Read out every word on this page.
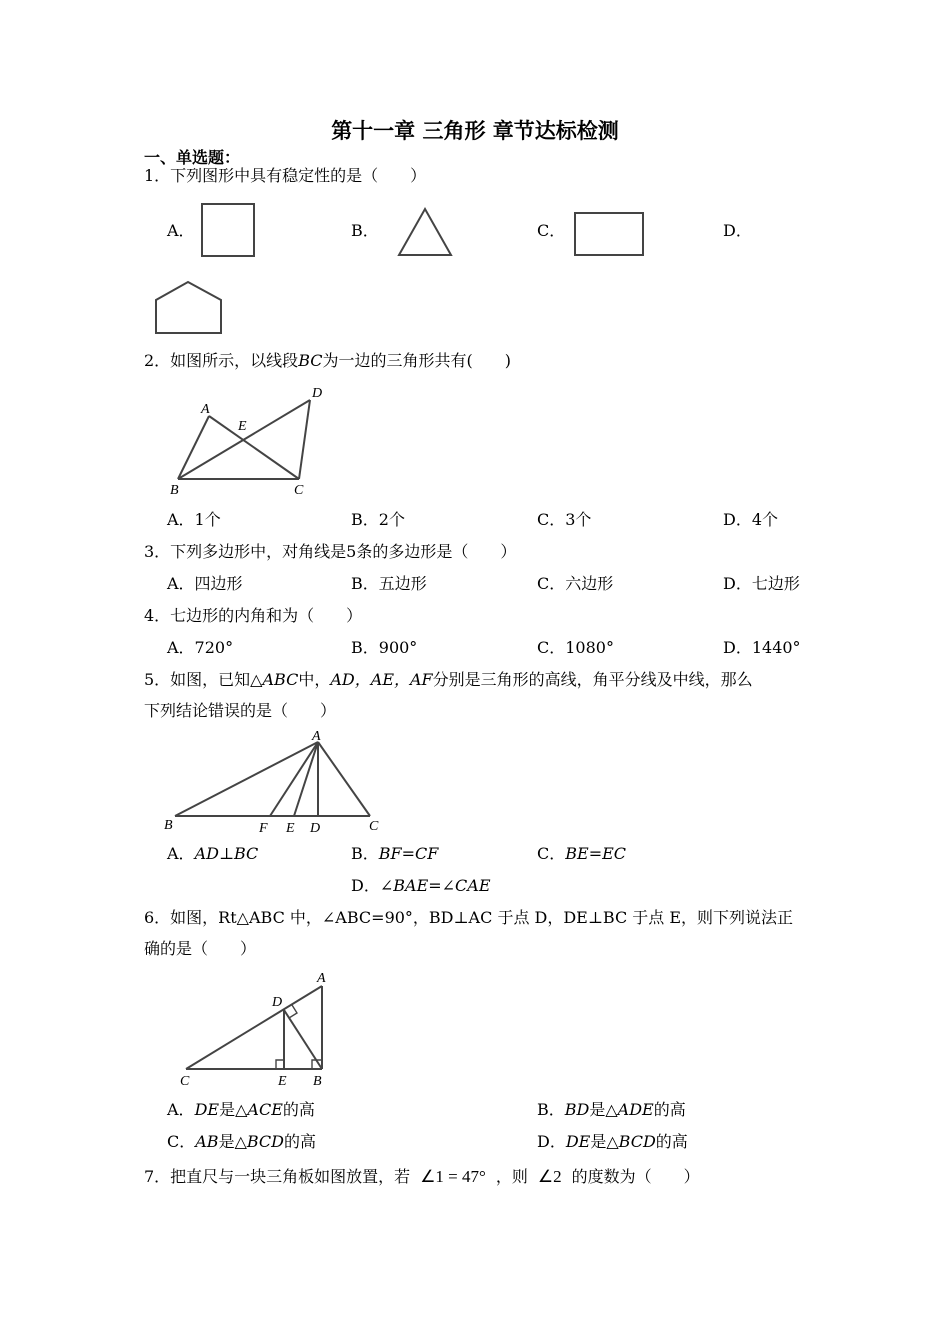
第十一章 三角形 章节达标检测
一、单选题：
1．下列图形中具有稳定性的是（　　）
A．	B．	C．	D．
2．如图所示，以线段BC为一边的三角形共有(　　)
A
B	C
D
E
A．1个	B．2个	C．3个	D．4个
3．下列多边形中，对角线是5条的多边形是（　　）
A．四边形	B．五边形	C．六边形	D．七边形
4．七边形的内角和为（　　）
A．720°	B．900°	C．1080°	D．1440°
5．如图，已知△ABC中，AD，AE，AF分别是三角形的高线，角平分线及中线，那么
下列结论错误的是（　　）
A
B	F E D	C
A．AD⊥BC	B．BF=CF	C．BE=EC
D．∠BAE=∠CAE
6．如图，Rt△ABC 中，∠ABC=90°，BD⊥AC 于点 D，DE⊥BC 于点 E，则下列说法正
确的是（　　）
A
D
C	E B
A．DE是△ACE的高	B．BD是△ADE的高
C．AB是△BCD的高	D．DE是△BCD的高
7．把直尺与一块三角板如图放置，若 ∠1 = 47° ，则 ∠2 的度数为（　　）
